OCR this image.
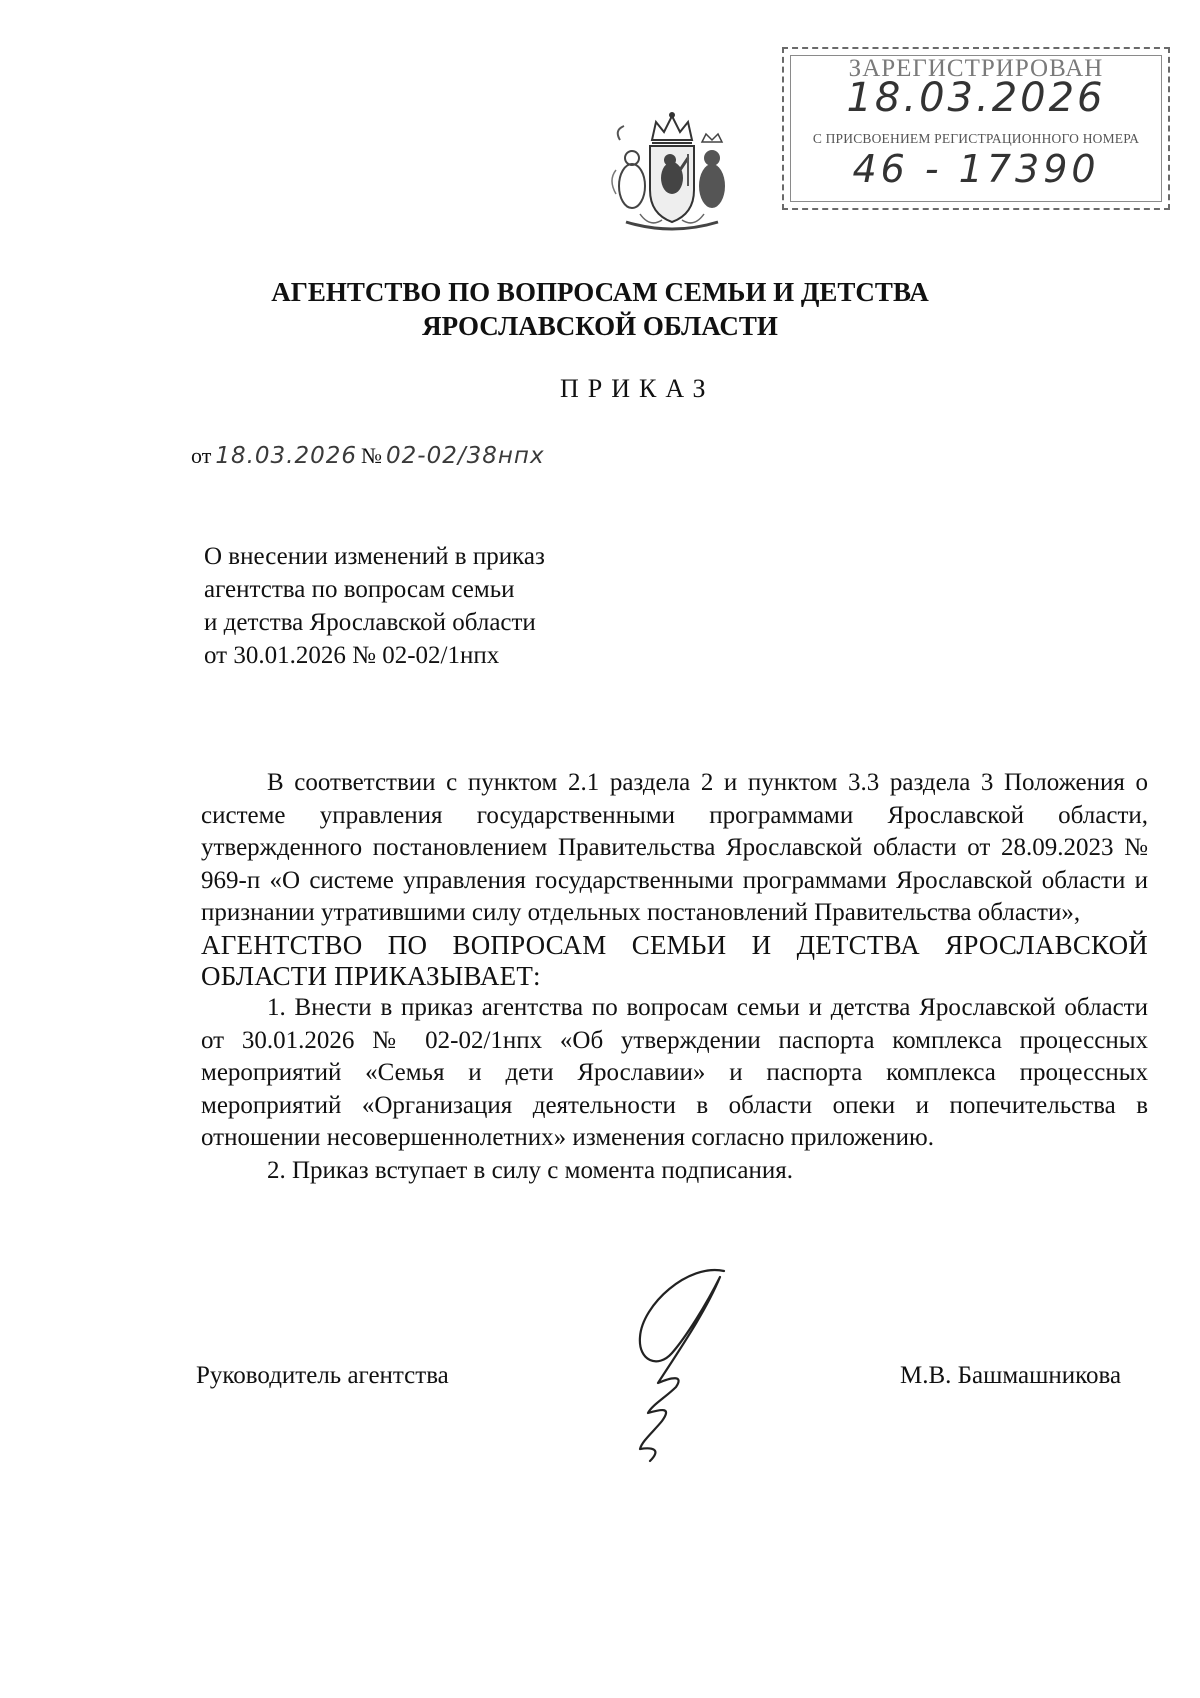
ЗАРЕГИСТРИРОВАН
18.03.2026
С ПРИСВОЕНИЕМ РЕГИСТРАЦИОННОГО НОМЕРА
46 - 17390
АГЕНТСТВО ПО ВОПРОСАМ СЕМЬИ И ДЕТСТВА
ЯРОСЛАВСКОЙ ОБЛАСТИ
ПРИКАЗ
от 18.03.2026 № 02-02/38нпх
О внесении изменений в приказ
агентства по вопросам семьи
и детства Ярославской области
от 30.01.2026 № 02-02/1нпх

В соответствии с пунктом 2.1 раздела 2 и пунктом 3.3 раздела 3 Положения о системе управления государственными программами Ярославской области, утвержденного постановлением Правительства Ярославской области от 28.09.2023 № 969-п «О системе управления государственными программами Ярославской области и признании утратившими силу отдельных постановлений Правительства области»,

АГЕНТСТВО ПО ВОПРОСАМ СЕМЬИ И ДЕТСТВА ЯРОСЛАВСКОЙ ОБЛАСТИ ПРИКАЗЫВАЕТ:

1. Внести в приказ агентства по вопросам семьи и детства Ярославской области от 30.01.2026 № 02-02/1нпх «Об утверждении паспорта комплекса процессных мероприятий «Семья и дети Ярославии» и паспорта комплекса процессных мероприятий «Организация деятельности в области опеки и попечительства в отношении несовершеннолетних» изменения согласно приложению.

2. Приказ вступает в силу с момента подписания.

Руководитель агентства	М.В. Башмашникова
